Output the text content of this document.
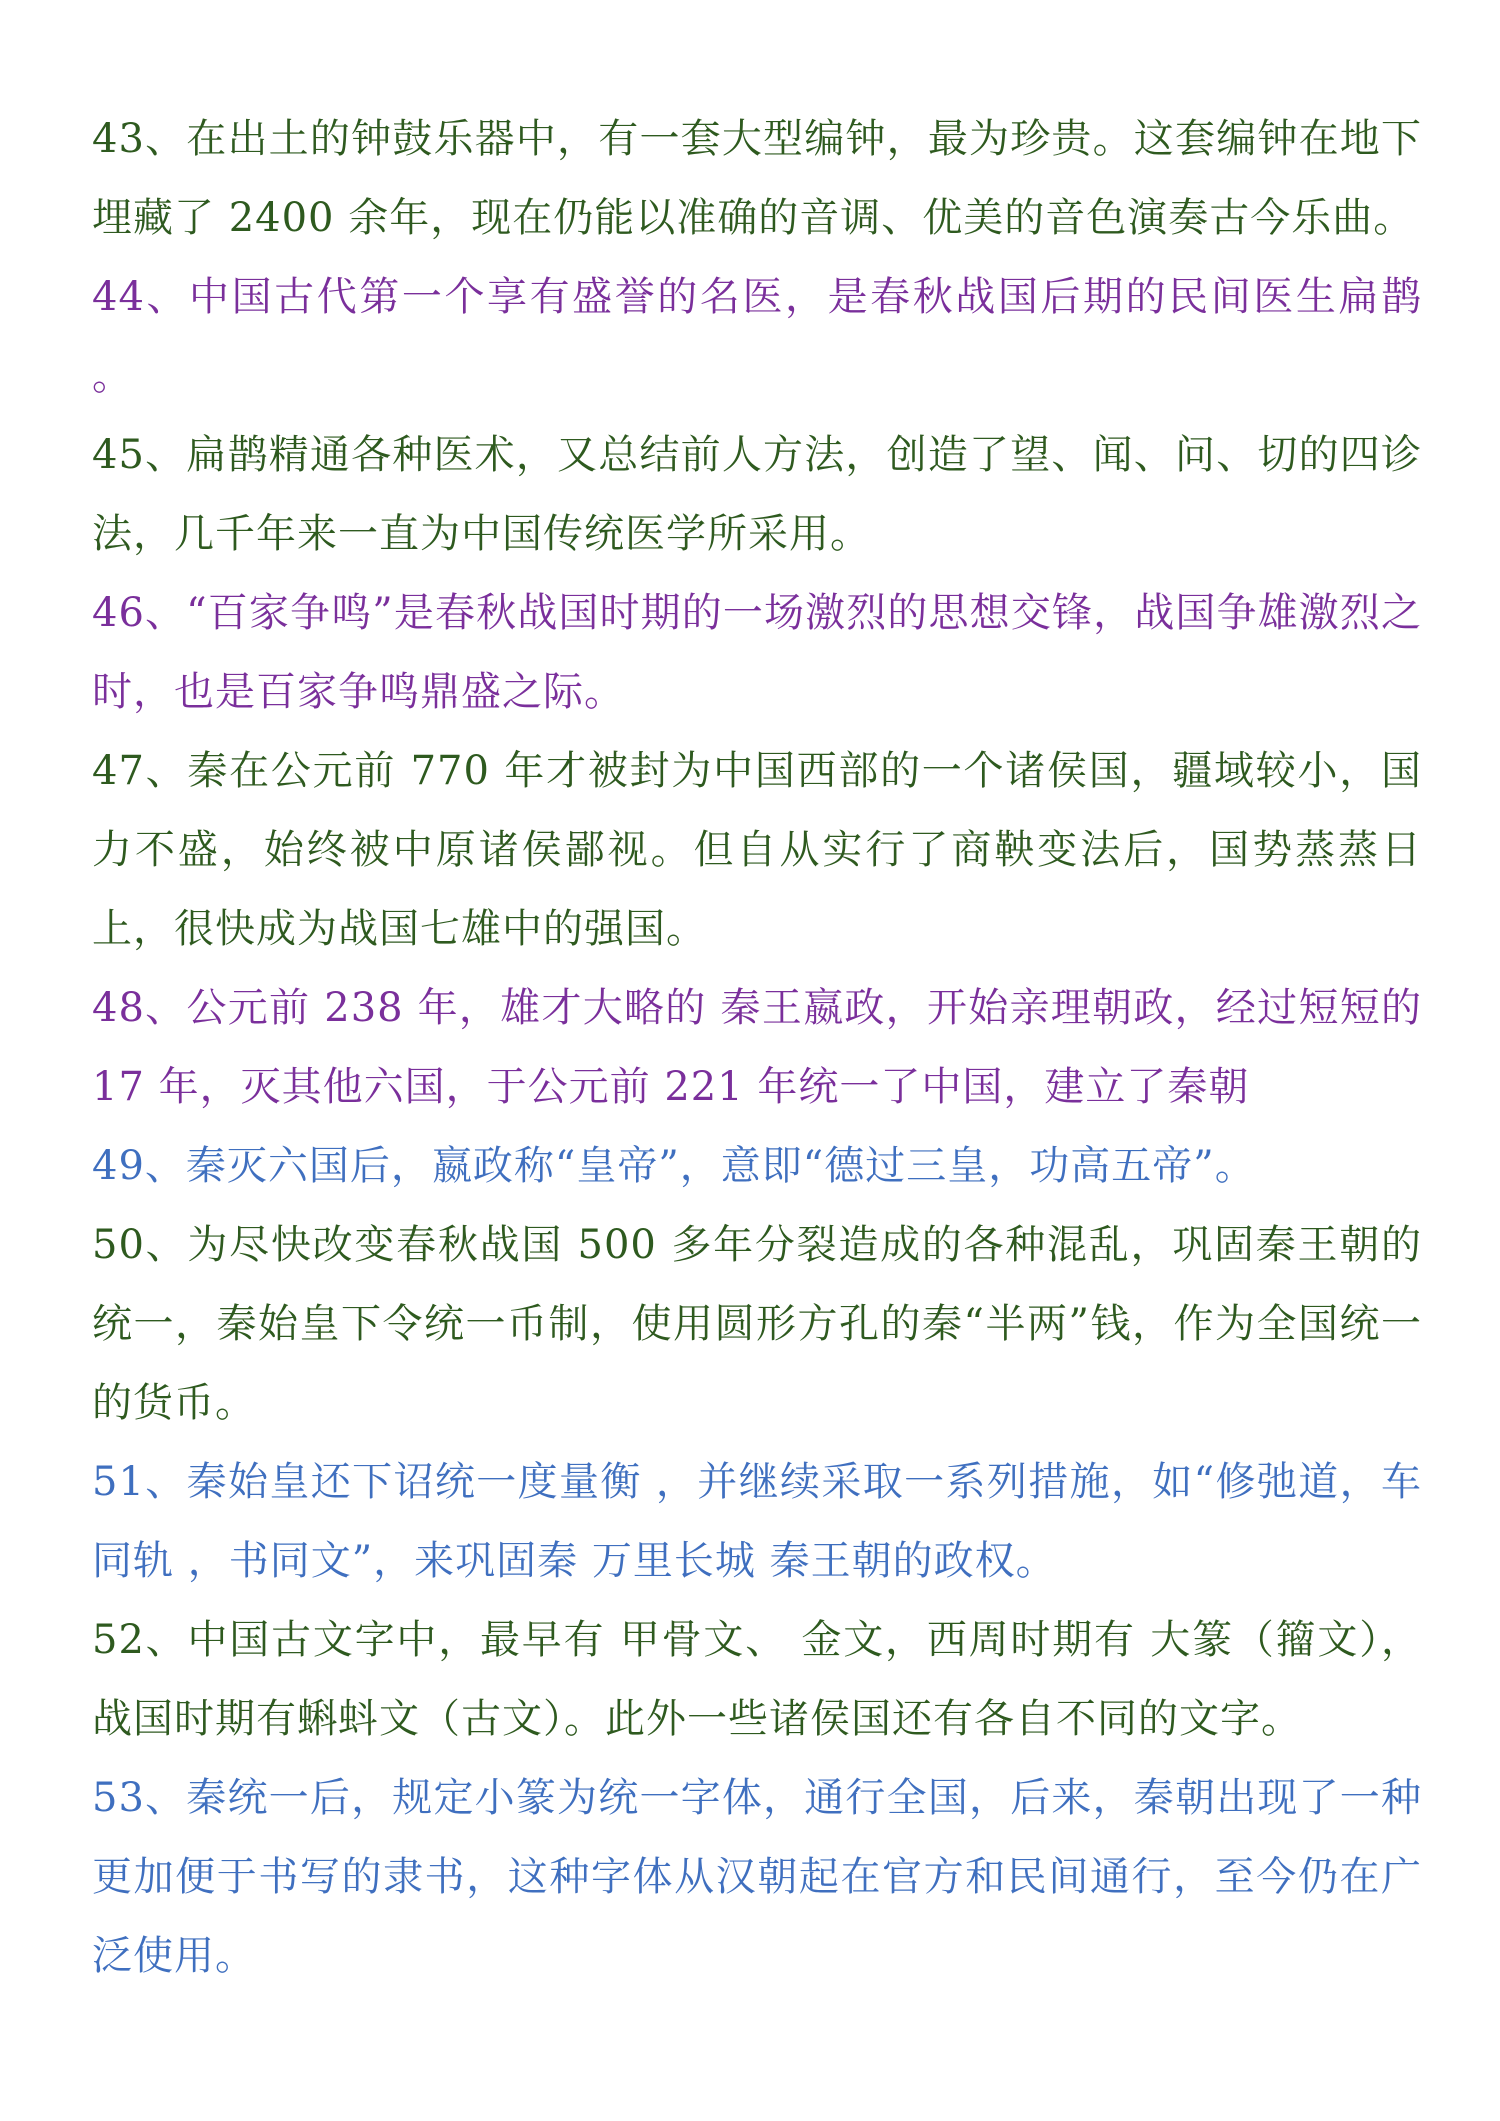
43、在出土的钟鼓乐器中，有一套大型编钟，最为珍贵。这套编钟在地下埋藏了 2400 余年，现在仍能以准确的音调、优美的音色演奏古今乐曲。

44、中国古代第一个享有盛誉的名医，是春秋战国后期的民间医生扁鹊 。

45、扁鹊精通各种医术，又总结前人方法，创造了望、闻、问、切的四诊法，几千年来一直为中国传统医学所采用。

46、“百家争鸣”是春秋战国时期的一场激烈的思想交锋，战国争雄激烈之时，也是百家争鸣鼎盛之际。

47、秦在公元前 770 年才被封为中国西部的一个诸侯国，疆域较小，国力不盛，始终被中原诸侯鄙视。但自从实行了商鞅变法后，国势蒸蒸日上，很快成为战国七雄中的强国。

48、公元前 238 年，雄才大略的 秦王嬴政，开始亲理朝政，经过短短的 17 年，灭其他六国，于公元前 221 年统一了中国，建立了秦朝

49、秦灭六国后，嬴政称“皇帝”，意即“德过三皇，功高五帝”。

50、为尽快改变春秋战国 500 多年分裂造成的各种混乱，巩固秦王朝的统一，秦始皇下令统一币制，使用圆形方孔的秦“半两”钱，作为全国统一的货币。

51、秦始皇还下诏统一度量衡 ，并继续采取一系列措施，如“修弛道，车同轨 ，书同文”，来巩固秦 万里长城 秦王朝的政权。

52、中国古文字中，最早有 甲骨文、 金文，西周时期有 大篆（籀文），战国时期有蝌蚪文（古文）。此外一些诸侯国还有各自不同的文字。

53、秦统一后，规定小篆为统一字体，通行全国，后来，秦朝出现了一种更加便于书写的隶书，这种字体从汉朝起在官方和民间通行，至今仍在广泛使用。
